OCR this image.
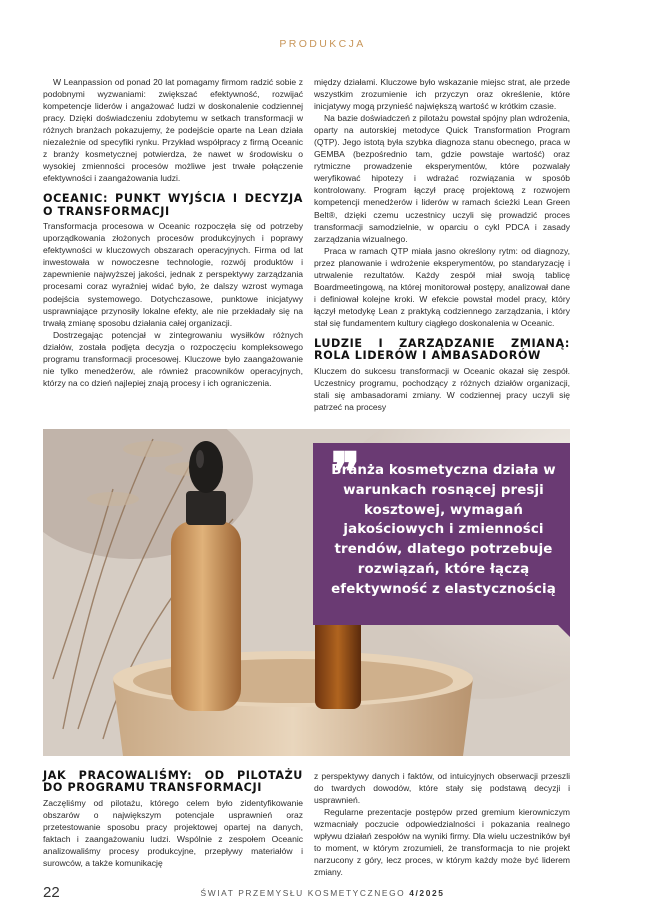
PRODUKCJA

W Leanpassion od ponad 20 lat pomagamy firmom radzić sobie z podobnymi wyzwaniami: zwiększać efektywność, rozwijać kompetencje liderów i angażować ludzi w doskonalenie codziennej pracy. Dzięki doświadczeniu zdobytemu w setkach transformacji w różnych branżach pokazujemy, że podejście oparte na Lean działa niezależnie od specyfiki rynku. Przykład współpracy z firmą Oceanic z branży kosmetycznej potwierdza, że nawet w środowisku o wysokiej zmienności procesów możliwe jest trwałe połączenie efektywności i zaangażowania ludzi.

OCEANIC: PUNKT WYJŚCIA I DECYZJA O TRANSFORMACJI

Transformacja procesowa w Oceanic rozpoczęła się od potrzeby uporządkowania złożonych procesów produkcyjnych i poprawy efektywności w kluczowych obszarach operacyjnych. Firma od lat inwestowała w nowoczesne technologie, rozwój produktów i zapewnienie najwyższej jakości, jednak z perspektywy zarządzania procesami coraz wyraźniej widać było, że dalszy wzrost wymaga podejścia systemowego. Dotychczasowe, punktowe inicjatywy usprawniające przynosiły lokalne efekty, ale nie przekładały się na trwałą zmianę sposobu działania całej organizacji.

Dostrzegając potencjał w zintegrowaniu wysiłków różnych działów, została podjęta decyzja o rozpoczęciu kompleksowego programu transformacji procesowej. Kluczowe było zaangażowanie nie tylko menedżerów, ale również pracowników operacyjnych, którzy na co dzień najlepiej znają procesy i ich ograniczenia.

między działami. Kluczowe było wskazanie miejsc strat, ale przede wszystkim zrozumienie ich przyczyn oraz określenie, które inicjatywy mogą przynieść największą wartość w krótkim czasie.

Na bazie doświadczeń z pilotażu powstał spójny plan wdrożenia, oparty na autorskiej metodyce Quick Transformation Program (QTP). Jego istotą była szybka diagnoza stanu obecnego, praca w GEMBA (bezpośrednio tam, gdzie powstaje wartość) oraz rytmiczne prowadzenie eksperymentów, które pozwalały weryfikować hipotezy i wdrażać rozwiązania w sposób kontrolowany. Program łączył pracę projektową z rozwojem kompetencji menedżerów i liderów w ramach ścieżki Lean Green Belt®, dzięki czemu uczestnicy uczyli się prowadzić proces transformacji samodzielnie, w oparciu o cykl PDCA i zasady zarządzania wizualnego.

Praca w ramach QTP miała jasno określony rytm: od diagnozy, przez planowanie i wdrożenie eksperymentów, po standaryzację i utrwalenie rezultatów. Każdy zespół miał swoją tablicę Boardmeetingową, na której monitorował postępy, analizował dane i definiował kolejne kroki. W efekcie powstał model pracy, który łączył metodykę Lean z praktyką codziennego zarządzania, i który stał się fundamentem kultury ciągłego doskonalenia w Oceanic.

LUDZIE I ZARZĄDZANIE ZMIANĄ: ROLA LIDERÓW I AMBASADORÓW

Kluczem do sukcesu transformacji w Oceanic okazał się zespół. Uczestnicy programu, pochodzący z różnych działów organizacji, stali się ambasadorami zmiany. W codziennej pracy uczyli się patrzeć na procesy

❞
Branża kosmetyczna działa w warunkach rosnącej presji kosztowej, wymagań jakościowych i zmienności trendów, dlatego potrzebuje rozwiązań, które łączą efektywność z elastycznością
JAK PRACOWALIŚMY: OD PILOTAŻU DO PROGRAMU TRANSFORMACJI

Zaczęliśmy od pilotażu, którego celem było zidentyfikowanie obszarów o największym potencjale usprawnień oraz przetestowanie sposobu pracy projektowej opartej na danych, faktach i zaangażowaniu ludzi. Wspólnie z zespołem Oceanic analizowaliśmy procesy produkcyjne, przepływy materiałów i surowców, a także komunikację

z perspektywy danych i faktów, od intuicyjnych obserwacji przeszli do twardych dowodów, które stały się podstawą decyzji i usprawnień.

Regularne prezentacje postępów przed gremium kierowniczym wzmacniały poczucie odpowiedzialności i pokazania realnego wpływu działań zespołów na wyniki firmy. Dla wielu uczestników był to moment, w którym zrozumieli, że transformacja to nie projekt narzucony z góry, lecz proces, w którym każdy może być liderem zmiany.

22	ŚWIAT PRZEMYSŁU KOSMETYCZNEGO 4/2025
